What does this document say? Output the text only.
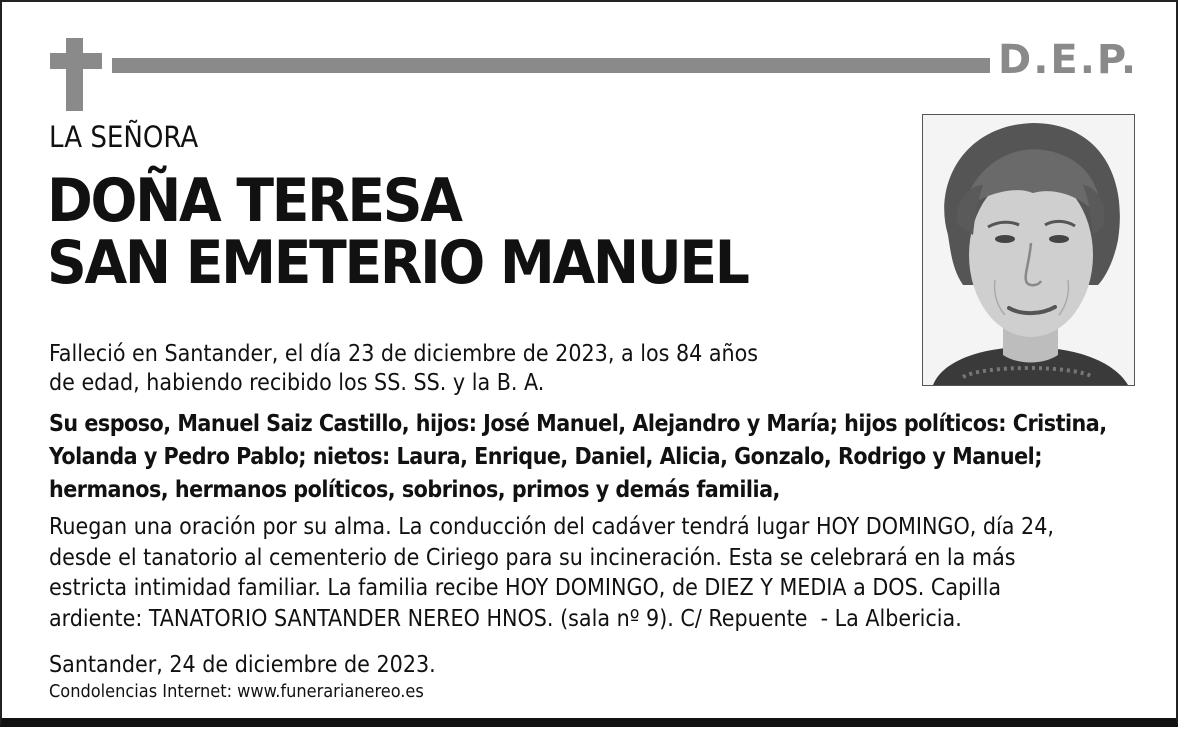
D.E.P.
LA SEÑORA
DOÑA TERESA
SAN EMETERIO MANUEL
Falleció en Santander, el día 23 de diciembre de 2023, a los 84 años
de edad, habiendo recibido los SS. SS. y la B. A.
Su esposo, Manuel Saiz Castillo, hijos: José Manuel, Alejandro y María; hijos políticos: Cristina,
Yolanda y Pedro Pablo; nietos: Laura, Enrique, Daniel, Alicia, Gonzalo, Rodrigo y Manuel;
hermanos, hermanos políticos, sobrinos, primos y demás familia,
Ruegan una oración por su alma. La conducción del cadáver tendrá lugar HOY DOMINGO, día 24,
desde el tanatorio al cementerio de Ciriego para su incineración. Esta se celebrará en la más
estricta intimidad familiar. La familia recibe HOY DOMINGO, de DIEZ Y MEDIA a DOS. Capilla
ardiente: TANATORIO SANTANDER NEREO HNOS. (sala nº 9). C/ Repuente  - La Albericia.
Santander, 24 de diciembre de 2023.
Condolencias Internet: www.funerarianereo.es
